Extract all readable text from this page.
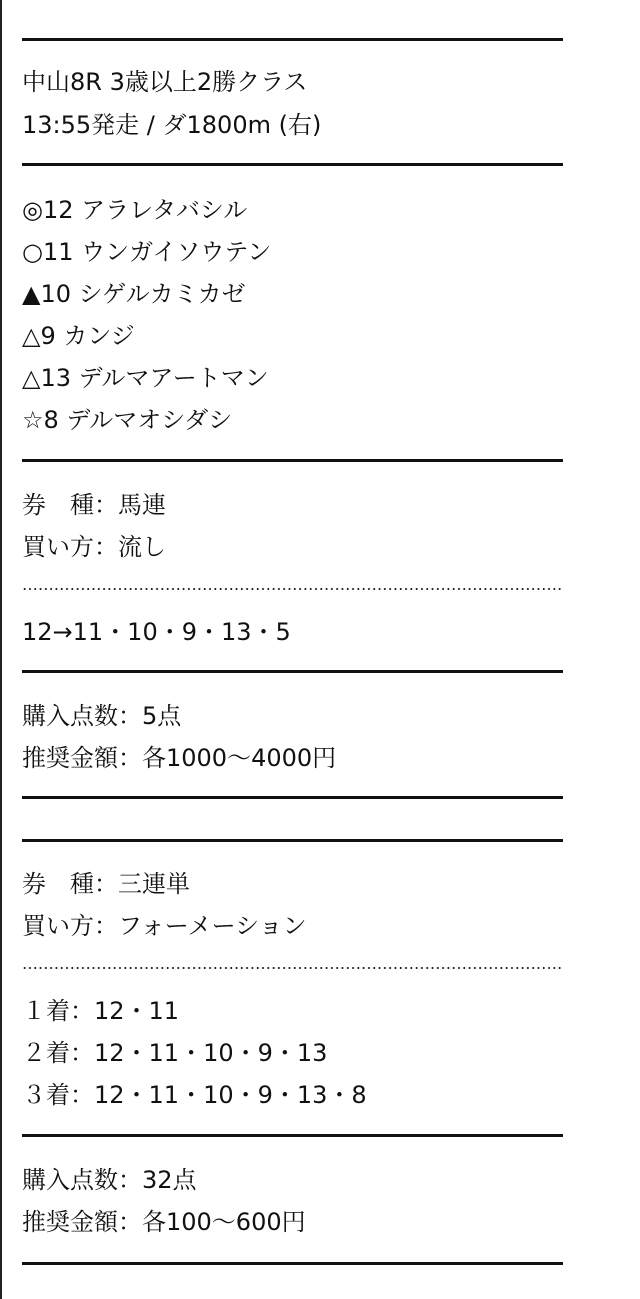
中山8R 3歳以上2勝クラス
13:55発走 / ダ1800m (右)
◎12 アラレタバシル
○11 ウンガイソウテン
▲10 シゲルカミカゼ
△9 カンジ
△13 デルマアートマン
☆8 デルマオシダシ
券　種：馬連
買い方：流し
12→11・10・9・13・5
購入点数：5点
推奨金額：各1000〜4000円
券　種：三連単
買い方：フォーメーション
１着：12・11
２着：12・11・10・9・13
３着：12・11・10・9・13・8
購入点数：32点
推奨金額：各100〜600円
